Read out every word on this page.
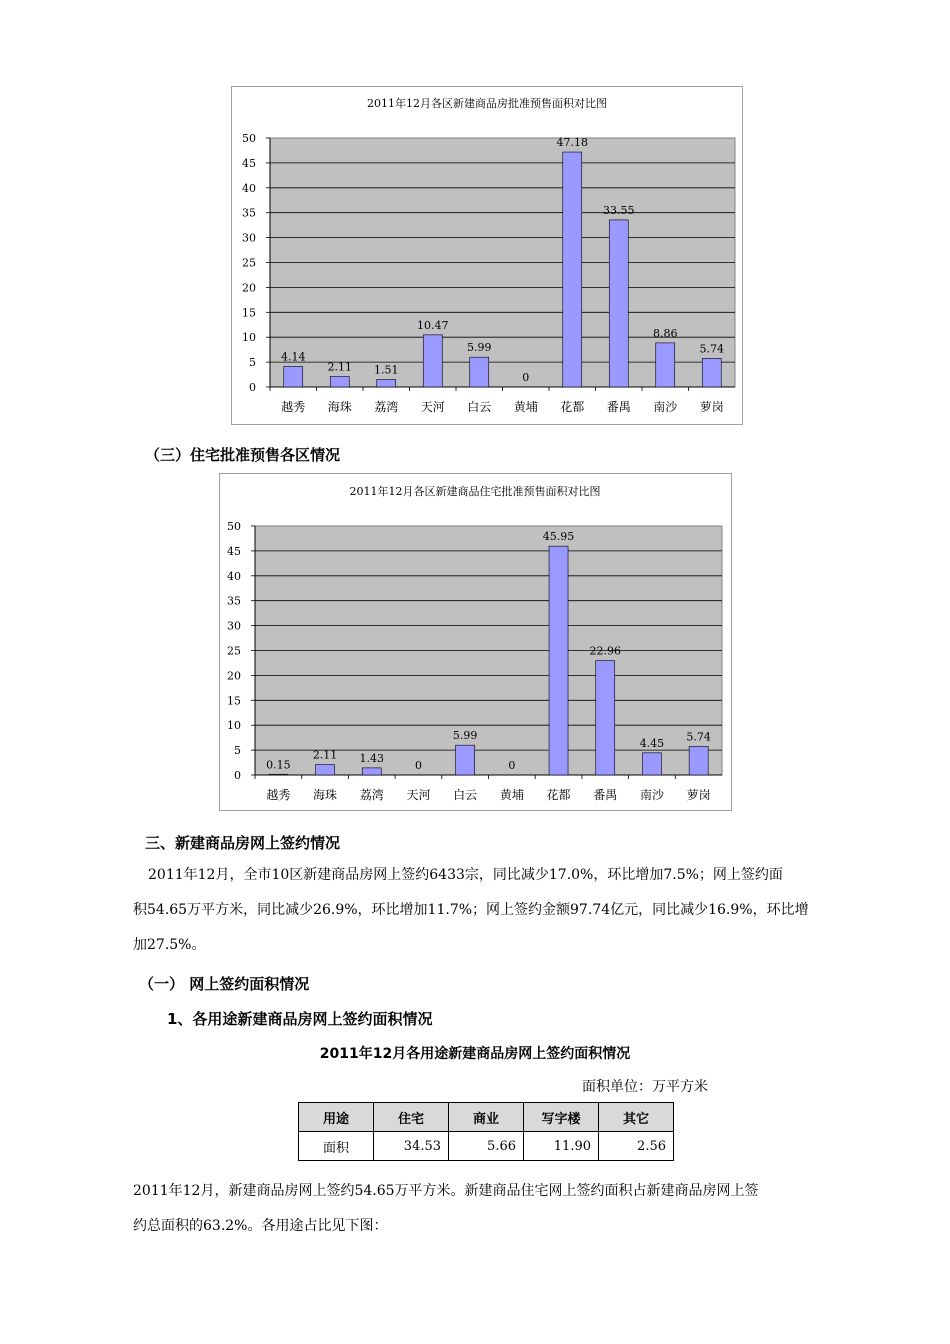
2011年12月各区新建商品房批准预售面积对比图
0
5
10
15
20
25
30
35
40
45
50
4.14
越秀
2.11
海珠
1.51
荔湾
10.47
天河
5.99
白云
0
黄埔
47.18
花都
33.55
番禺
8.86
南沙
5.74
萝岗
（三）住宅批准预售各区情况
2011年12月各区新建商品住宅批准预售面积对比图
0
5
10
15
20
25
30
35
40
45
50
0.15
越秀
2.11
海珠
1.43
荔湾
0
天河
5.99
白云
0
黄埔
45.95
花都
22.96
番禺
4.45
南沙
5.74
萝岗
三、新建商品房网上签约情况
2011年12月，全市10区新建商品房网上签约6433宗，同比减少17.0%，环比增加7.5%；网上签约面
积54.65万平方米，同比减少26.9%，环比增加11.7%；网上签约金额97.74亿元，同比减少16.9%，环比增
加27.5%。
（一） 网上签约面积情况
1、各用途新建商品房网上签约面积情况
2011年12月各用途新建商品房网上签约面积情况
面积单位：万平方米
用途	住宅	商业	写字楼	其它
面积	34.53	5.66	11.90	2.56
2011年12月，新建商品房网上签约54.65万平方米。新建商品住宅网上签约面积占新建商品房网上签
约总面积的63.2%。各用途占比见下图：
